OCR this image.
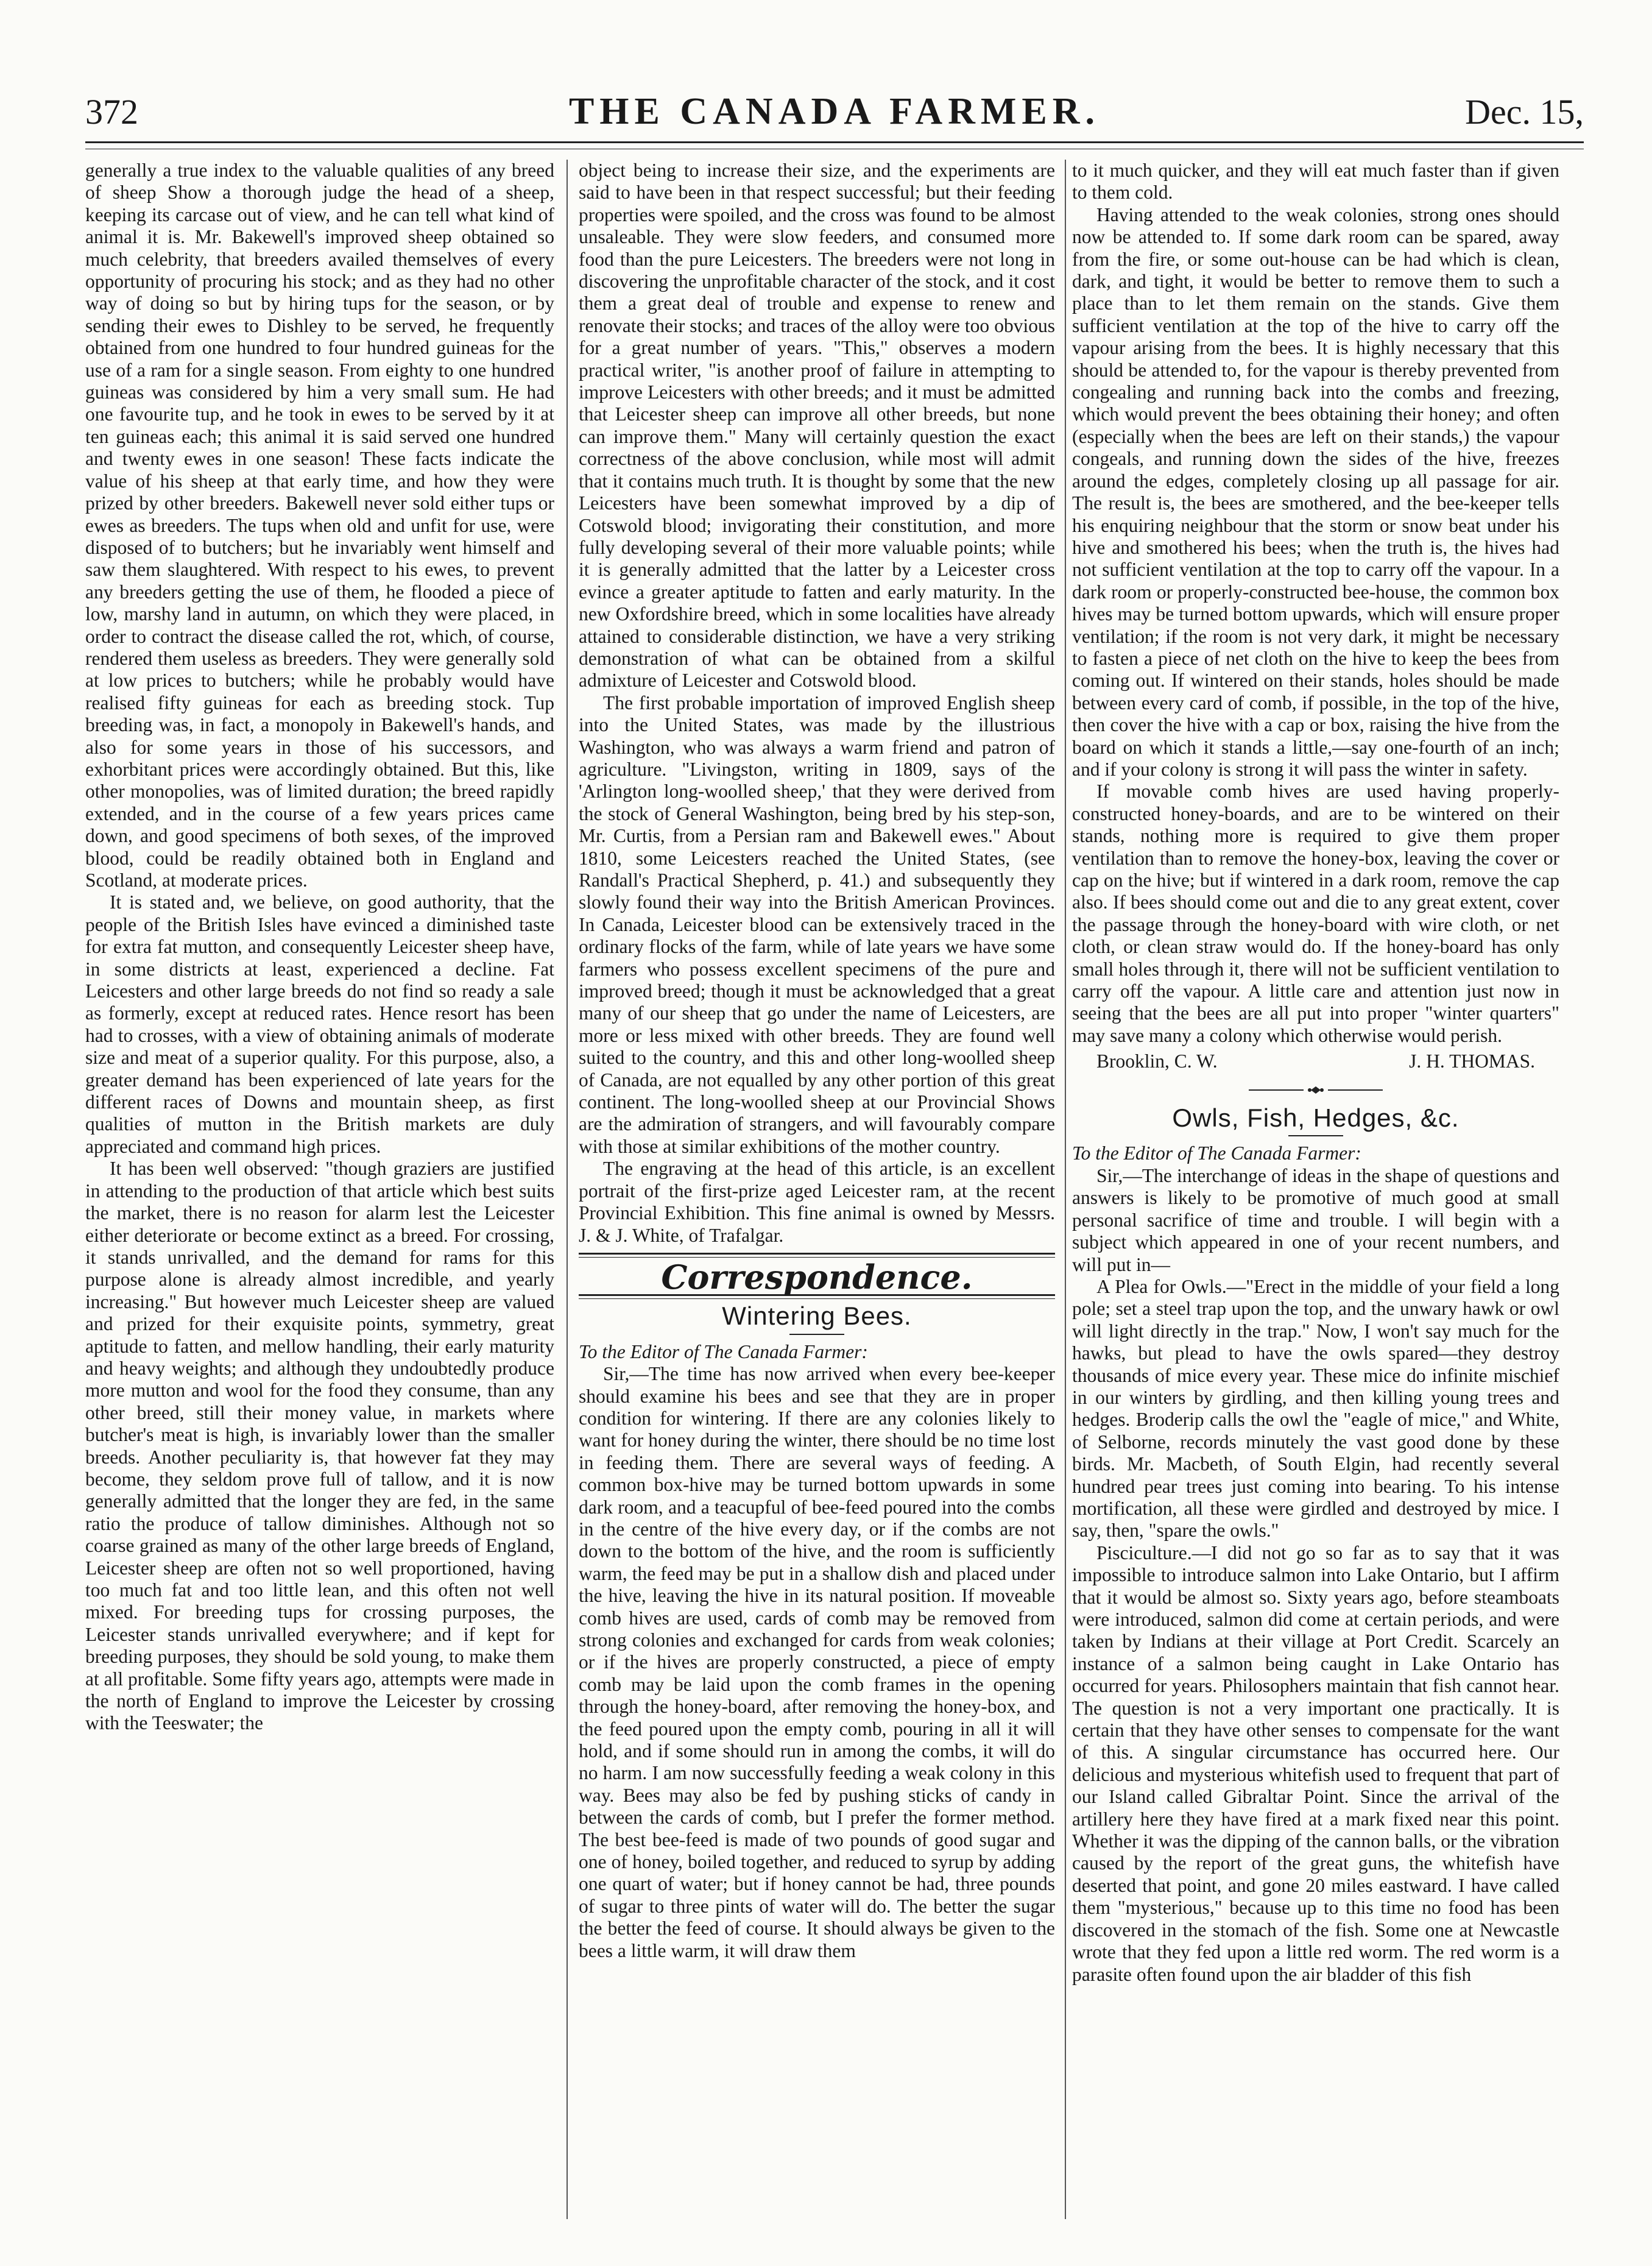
372	THE CANADA FARMER.	Dec. 15,

generally a true index to the valuable qualities of any breed of sheep Show a thorough judge the head of a sheep, keeping its carcase out of view, and he can tell what kind of animal it is. Mr. Bakewell's improved sheep obtained so much celebrity, that breeders availed themselves of every opportunity of procuring his stock; and as they had no other way of doing so but by hiring tups for the season, or by sending their ewes to Dishley to be served, he frequently obtained from one hundred to four hundred guineas for the use of a ram for a single season. From eighty to one hundred guineas was considered by him a very small sum. He had one favourite tup, and he took in ewes to be served by it at ten guineas each; this animal it is said served one hundred and twenty ewes in one season! These facts indicate the value of his sheep at that early time, and how they were prized by other breeders. Bakewell never sold either tups or ewes as breeders. The tups when old and unfit for use, were disposed of to butchers; but he invariably went himself and saw them slaughtered. With respect to his ewes, to prevent any breeders getting the use of them, he flooded a piece of low, marshy land in autumn, on which they were placed, in order to contract the disease called the rot, which, of course, rendered them useless as breeders. They were generally sold at low prices to butchers; while he probably would have realised fifty guineas for each as breeding stock. Tup breeding was, in fact, a monopoly in Bakewell's hands, and also for some years in those of his successors, and exhorbitant prices were accordingly obtained. But this, like other monopolies, was of limited duration; the breed rapidly extended, and in the course of a few years prices came down, and good specimens of both sexes, of the improved blood, could be readily obtained both in England and Scotland, at moderate prices.

It is stated and, we believe, on good authority, that the people of the British Isles have evinced a diminished taste for extra fat mutton, and consequently Leicester sheep have, in some districts at least, experienced a decline. Fat Leicesters and other large breeds do not find so ready a sale as formerly, except at reduced rates. Hence resort has been had to crosses, with a view of obtaining animals of moderate size and meat of a superior quality. For this purpose, also, a greater demand has been experienced of late years for the different races of Downs and mountain sheep, as first qualities of mutton in the British markets are duly appreciated and command high prices.

It has been well observed: "though graziers are justified in attending to the production of that article which best suits the market, there is no reason for alarm lest the Leicester either deteriorate or become extinct as a breed. For crossing, it stands unrivalled, and the demand for rams for this purpose alone is already almost incredible, and yearly increasing." But however much Leicester sheep are valued and prized for their exquisite points, symmetry, great aptitude to fatten, and mellow handling, their early maturity and heavy weights; and although they undoubtedly produce more mutton and wool for the food they consume, than any other breed, still their money value, in markets where butcher's meat is high, is invariably lower than the smaller breeds. Another peculiarity is, that however fat they may become, they seldom prove full of tallow, and it is now generally admitted that the longer they are fed, in the same ratio the produce of tallow diminishes. Although not so coarse grained as many of the other large breeds of England, Leicester sheep are often not so well proportioned, having too much fat and too little lean, and this often not well mixed. For breeding tups for crossing purposes, the Leicester stands unrivalled everywhere; and if kept for breeding purposes, they should be sold young, to make them at all profitable. Some fifty years ago, attempts were made in the north of England to improve the Leicester by crossing with the Teeswater; the

object being to increase their size, and the experiments are said to have been in that respect successful; but their feeding properties were spoiled, and the cross was found to be almost unsaleable. They were slow feeders, and consumed more food than the pure Leicesters. The breeders were not long in discovering the unprofitable character of the stock, and it cost them a great deal of trouble and expense to renew and renovate their stocks; and traces of the alloy were too obvious for a great number of years. "This," observes a modern practical writer, "is another proof of failure in attempting to improve Leicesters with other breeds; and it must be admitted that Leicester sheep can improve all other breeds, but none can improve them." Many will certainly question the exact correctness of the above conclusion, while most will admit that it contains much truth. It is thought by some that the new Leicesters have been somewhat improved by a dip of Cotswold blood; invigorating their constitution, and more fully developing several of their more valuable points; while it is generally admitted that the latter by a Leicester cross evince a greater aptitude to fatten and early maturity. In the new Oxfordshire breed, which in some localities have already attained to considerable distinction, we have a very striking demonstration of what can be obtained from a skilful admixture of Leicester and Cotswold blood.

The first probable importation of improved English sheep into the United States, was made by the illustrious Washington, who was always a warm friend and patron of agriculture. "Livingston, writing in 1809, says of the 'Arlington long-woolled sheep,' that they were derived from the stock of General Washington, being bred by his step-son, Mr. Curtis, from a Persian ram and Bakewell ewes." About 1810, some Leicesters reached the United States, (see Randall's Practical Shepherd, p. 41.) and subsequently they slowly found their way into the British American Provinces. In Canada, Leicester blood can be extensively traced in the ordinary flocks of the farm, while of late years we have some farmers who possess excellent specimens of the pure and improved breed; though it must be acknowledged that a great many of our sheep that go under the name of Leicesters, are more or less mixed with other breeds. They are found well suited to the country, and this and other long-woolled sheep of Canada, are not equalled by any other portion of this great continent. The long-woolled sheep at our Provincial Shows are the admiration of strangers, and will favourably compare with those at similar exhibitions of the mother country.

The engraving at the head of this article, is an excellent portrait of the first-prize aged Leicester ram, at the recent Provincial Exhibition. This fine animal is owned by Messrs. J. & J. White, of Trafalgar.

Correspondence.
Wintering Bees.

To the Editor of The Canada Farmer:

Sir,—The time has now arrived when every bee-keeper should examine his bees and see that they are in proper condition for wintering. If there are any colonies likely to want for honey during the winter, there should be no time lost in feeding them. There are several ways of feeding. A common box-hive may be turned bottom upwards in some dark room, and a teacupful of bee-feed poured into the combs in the centre of the hive every day, or if the combs are not down to the bottom of the hive, and the room is sufficiently warm, the feed may be put in a shallow dish and placed under the hive, leaving the hive in its natural position. If moveable comb hives are used, cards of comb may be removed from strong colonies and exchanged for cards from weak colonies; or if the hives are properly constructed, a piece of empty comb may be laid upon the comb frames in the opening through the honey-board, after removing the honey-box, and the feed poured upon the empty comb, pouring in all it will hold, and if some should run in among the combs, it will do no harm. I am now successfully feeding a weak colony in this way. Bees may also be fed by pushing sticks of candy in between the cards of comb, but I prefer the former method. The best bee-feed is made of two pounds of good sugar and one of honey, boiled together, and reduced to syrup by adding one quart of water; but if honey cannot be had, three pounds of sugar to three pints of water will do. The better the sugar the better the feed of course. It should always be given to the bees a little warm, it will draw them

to it much quicker, and they will eat much faster than if given to them cold.

Having attended to the weak colonies, strong ones should now be attended to. If some dark room can be spared, away from the fire, or some out-house can be had which is clean, dark, and tight, it would be better to remove them to such a place than to let them remain on the stands. Give them sufficient ventilation at the top of the hive to carry off the vapour arising from the bees. It is highly necessary that this should be attended to, for the vapour is thereby prevented from congealing and running back into the combs and freezing, which would prevent the bees obtaining their honey; and often (especially when the bees are left on their stands,) the vapour congeals, and running down the sides of the hive, freezes around the edges, completely closing up all passage for air. The result is, the bees are smothered, and the bee-keeper tells his enquiring neighbour that the storm or snow beat under his hive and smothered his bees; when the truth is, the hives had not sufficient ventilation at the top to carry off the vapour. In a dark room or properly-constructed bee-house, the common box hives may be turned bottom upwards, which will ensure proper ventilation; if the room is not very dark, it might be necessary to fasten a piece of net cloth on the hive to keep the bees from coming out. If wintered on their stands, holes should be made between every card of comb, if possible, in the top of the hive, then cover the hive with a cap or box, raising the hive from the board on which it stands a little,—say one-fourth of an inch; and if your colony is strong it will pass the winter in safety.

If movable comb hives are used having properly-constructed honey-boards, and are to be wintered on their stands, nothing more is required to give them proper ventilation than to remove the honey-box, leaving the cover or cap on the hive; but if wintered in a dark room, remove the cap also. If bees should come out and die to any great extent, cover the passage through the honey-board with wire cloth, or net cloth, or clean straw would do. If the honey-board has only small holes through it, there will not be sufficient ventilation to carry off the vapour. A little care and attention just now in seeing that the bees are all put into proper "winter quarters" may save many a colony which otherwise would perish.

Brooklin, C. W.	J. H. THOMAS.
Owls, Fish, Hedges, &c.

To the Editor of The Canada Farmer:

Sir,—The interchange of ideas in the shape of questions and answers is likely to be promotive of much good at small personal sacrifice of time and trouble. I will begin with a subject which appeared in one of your recent numbers, and will put in—

A Plea for Owls.—"Erect in the middle of your field a long pole; set a steel trap upon the top, and the unwary hawk or owl will light directly in the trap." Now, I won't say much for the hawks, but plead to have the owls spared—they destroy thousands of mice every year. These mice do infinite mischief in our winters by girdling, and then killing young trees and hedges. Broderip calls the owl the "eagle of mice," and White, of Selborne, records minutely the vast good done by these birds. Mr. Macbeth, of South Elgin, had recently several hundred pear trees just coming into bearing. To his intense mortification, all these were girdled and destroyed by mice. I say, then, "spare the owls."

Pisciculture.—I did not go so far as to say that it was impossible to introduce salmon into Lake Ontario, but I affirm that it would be almost so. Sixty years ago, before steamboats were introduced, salmon did come at certain periods, and were taken by Indians at their village at Port Credit. Scarcely an instance of a salmon being caught in Lake Ontario has occurred for years. Philosophers maintain that fish cannot hear. The question is not a very important one practically. It is certain that they have other senses to compensate for the want of this. A singular circumstance has occurred here. Our delicious and mysterious whitefish used to frequent that part of our Island called Gibraltar Point. Since the arrival of the artillery here they have fired at a mark fixed near this point. Whether it was the dipping of the cannon balls, or the vibration caused by the report of the great guns, the whitefish have deserted that point, and gone 20 miles eastward. I have called them "mysterious," because up to this time no food has been discovered in the stomach of the fish. Some one at Newcastle wrote that they fed upon a little red worm. The red worm is a parasite often found upon the air bladder of this fish
